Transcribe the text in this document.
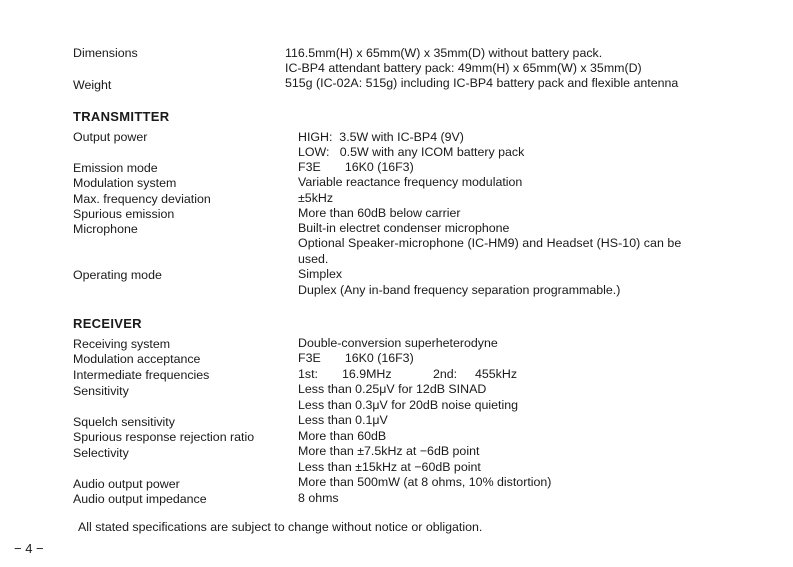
Dimensions	116.5mm(H) x 65mm(W) x 35mm(D) without battery pack.
IC-BP4 attendant battery pack: 49mm(H) x 65mm(W) x 35mm(D)
Weight	515g (IC-02A: 515g) including IC-BP4 battery pack and flexible antenna
TRANSMITTER
Output power	HIGH:  3.5W with IC-BP4 (9V)
LOW:   0.5W with any ICOM battery pack
Emission mode	F3E       16K0 (16F3)
Modulation system	Variable reactance frequency modulation
Max. frequency deviation	±5kHz
Spurious emission	More than 60dB below carrier
Microphone	Built-in electret condenser microphone
Optional Speaker-microphone (IC-HM9) and Headset (HS-10) can be
used.
Operating mode	Simplex
Duplex (Any in-band frequency separation programmable.)
RECEIVER
Receiving system	Double-conversion superheterodyne
Modulation acceptance	F3E       16K0 (16F3)
Intermediate frequencies	1st: 16.9MHz	2nd: 455kHz
Sensitivity	Less than 0.25μV for 12dB SINAD
Less than 0.3μV for 20dB noise quieting
Squelch sensitivity	Less than 0.1μV
Spurious response rejection ratio	More than 60dB
Selectivity	More than ±7.5kHz at −6dB point
Less than ±15kHz at −60dB point
Audio output power	More than 500mW (at 8 ohms, 10% distortion)
Audio output impedance	8 ohms
All stated specifications are subject to change without notice or obligation.
− 4 −
